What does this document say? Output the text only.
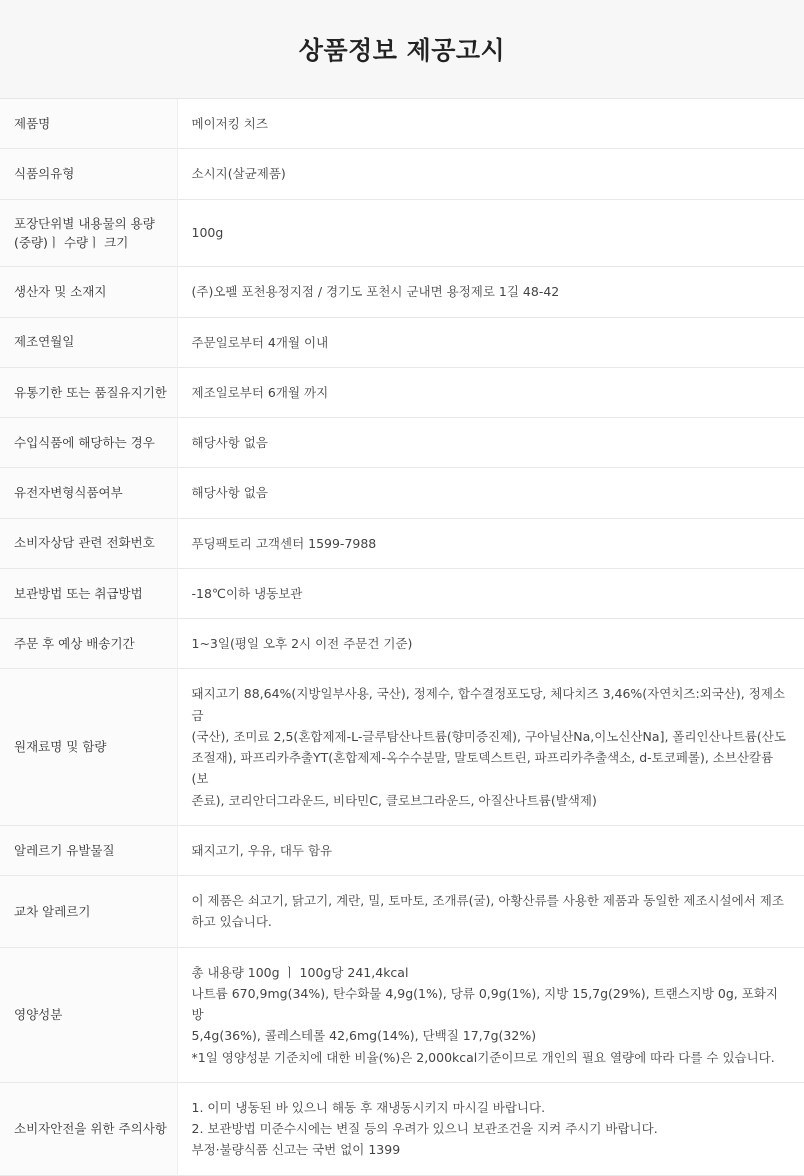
상품정보 제공고시
제품명	메이저킹 치즈

식품의유형	소시지(살균제품)

포장단위별 내용물의 용량
(중량)ㅣ 수량ㅣ 크기	100g

생산자 및 소재지	(주)오펠 포천용정지점 / 경기도 포천시 군내면 용정제로 1길 48-42

제조연월일	주문일로부터 4개월 이내

유통기한 또는 품질유지기한	제조일로부터 6개월 까지

수입식품에 해당하는 경우	해당사항 없음

유전자변형식품여부	해당사항 없음

소비자상담 관련 전화번호	푸딩팩토리 고객센터 1599-7988

보관방법 또는 취급방법	-18℃이하 냉동보관

주문 후 예상 배송기간	1~3일(평일 오후 2시 이전 주문건 기준)

원재료명 및 함량	돼지고기 88,64%(지방일부사용, 국산), 정제수, 합수결정포도당, 체다치즈 3,46%(자연치즈:외국산), 정제소금
(국산), 조미료 2,5(혼합제제-L-글루탐산나트륨(향미증진제), 구아닐산Na,이노신산Na], 폴리인산나트륨(산도
조절재), 파프리카추출YT(혼합제제-옥수수분말, 말토덱스트린, 파프리카추출색소, d-토코페롤), 소브산칼륨(보
존료), 코리안더그라운드, 비타민C, 클로브그라운드, 아질산나트륨(발색제)

알레르기 유발물질	돼지고기, 우유, 대두 함유

교차 알레르기	이 제품은 쇠고기, 닭고기, 계란, 밀, 토마토, 조개류(굴), 아황산류를 사용한 제품과 동일한 제조시설에서 제조
하고 있습니다.

영양성분	총 내용량 100g ㅣ 100g당 241,4kcal
나트륨 670,9mg(34%), 탄수화물 4,9g(1%), 당류 0,9g(1%), 지방 15,7g(29%), 트랜스지방 0g, 포화지방
5,4g(36%), 콜레스테롤 42,6mg(14%), 단백질 17,7g(32%)
*1일 영양성분 기준치에 대한 비율(%)은 2,000kcal기준이므로 개인의 필요 열량에 따라 다를 수 있습니다.

소비자안전을 위한 주의사항	1. 이미 냉동된 바 있으니 해동 후 재냉동시키지 마시길 바랍니다.
2. 보관방법 미준수시에는 변질 등의 우려가 있으니 보관조건을 지켜 주시기 바랍니다.
부정·불량식품 신고는 국번 없이 1399
